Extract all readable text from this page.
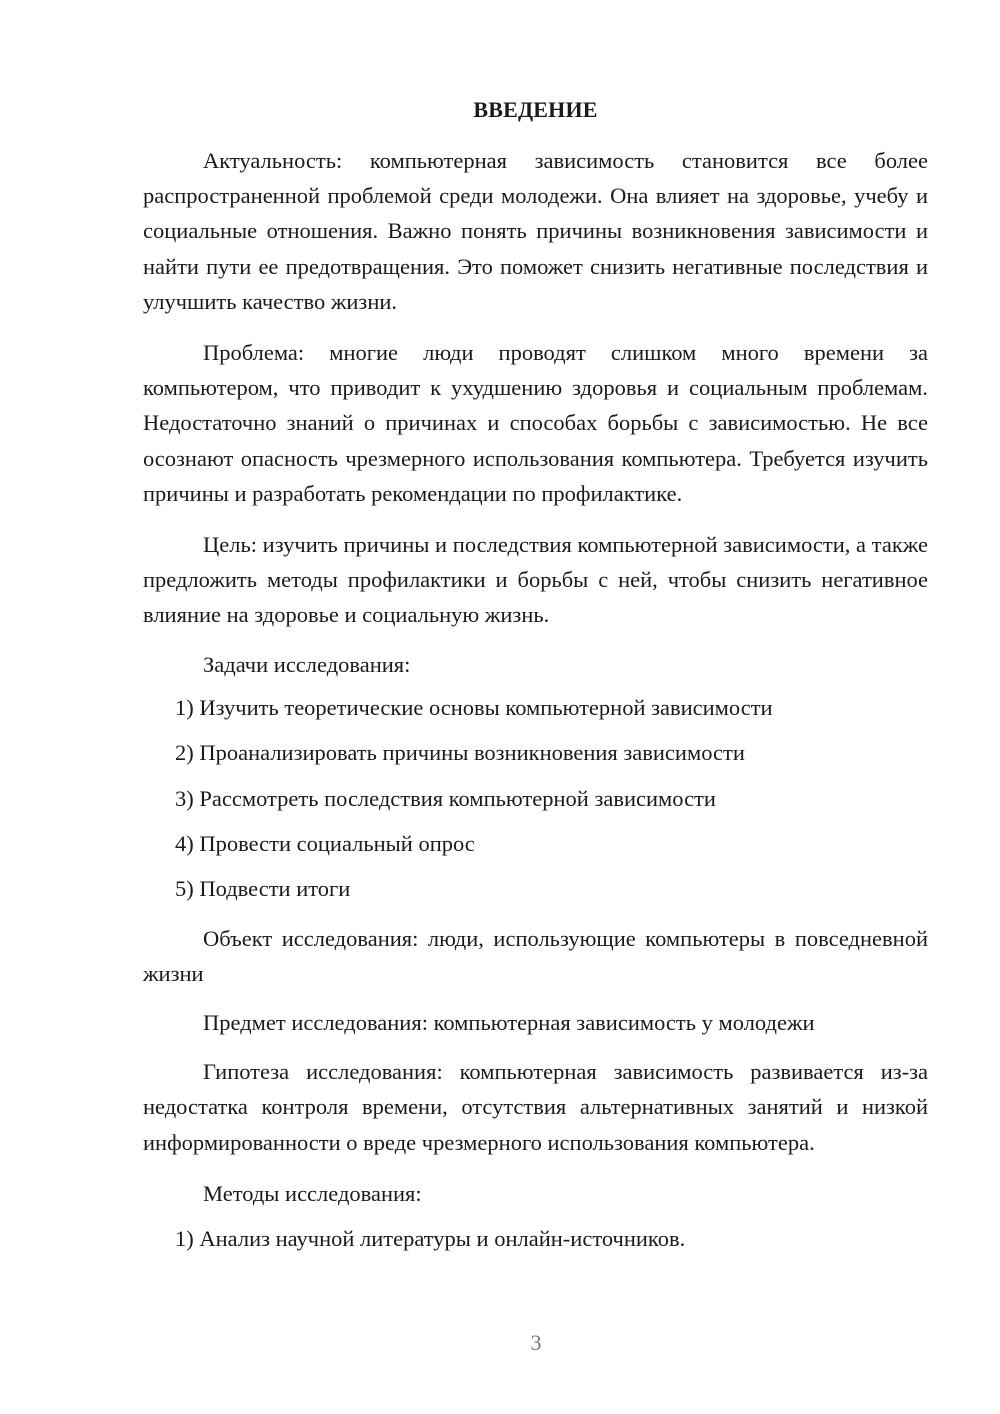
ВВЕДЕНИЕ

Актуальность: компьютерная зависимость становится все более распространенной проблемой среди молодежи. Она влияет на здоровье, учебу и социальные отношения. Важно понять причины возникновения зависимости и найти пути ее предотвращения. Это поможет снизить негативные последствия и улучшить качество жизни.

Проблема: многие люди проводят слишком много времени за компьютером, что приводит к ухудшению здоровья и социальным проблемам. Недостаточно знаний о причинах и способах борьбы с зависимостью. Не все осознают опасность чрезмерного использования компьютера. Требуется изучить причины и разработать рекомендации по профилактике.

Цель: изучить причины и последствия компьютерной зависимости, а также предложить методы профилактики и борьбы с ней, чтобы снизить негативное влияние на здоровье и социальную жизнь.

Задачи исследования:

1) Изучить теоретические основы компьютерной зависимости
2) Проанализировать причины возникновения зависимости
3) Рассмотреть последствия компьютерной зависимости
4) Провести социальный опрос
5) Подвести итоги

Объект исследования: люди, использующие компьютеры в повседневной жизни

Предмет исследования: компьютерная зависимость у молодежи

Гипотеза исследования: компьютерная зависимость развивается из-за недостатка контроля времени, отсутствия альтернативных занятий и низкой информированности о вреде чрезмерного использования компьютера.

Методы исследования:

1) Анализ научной литературы и онлайн-источников.
3
